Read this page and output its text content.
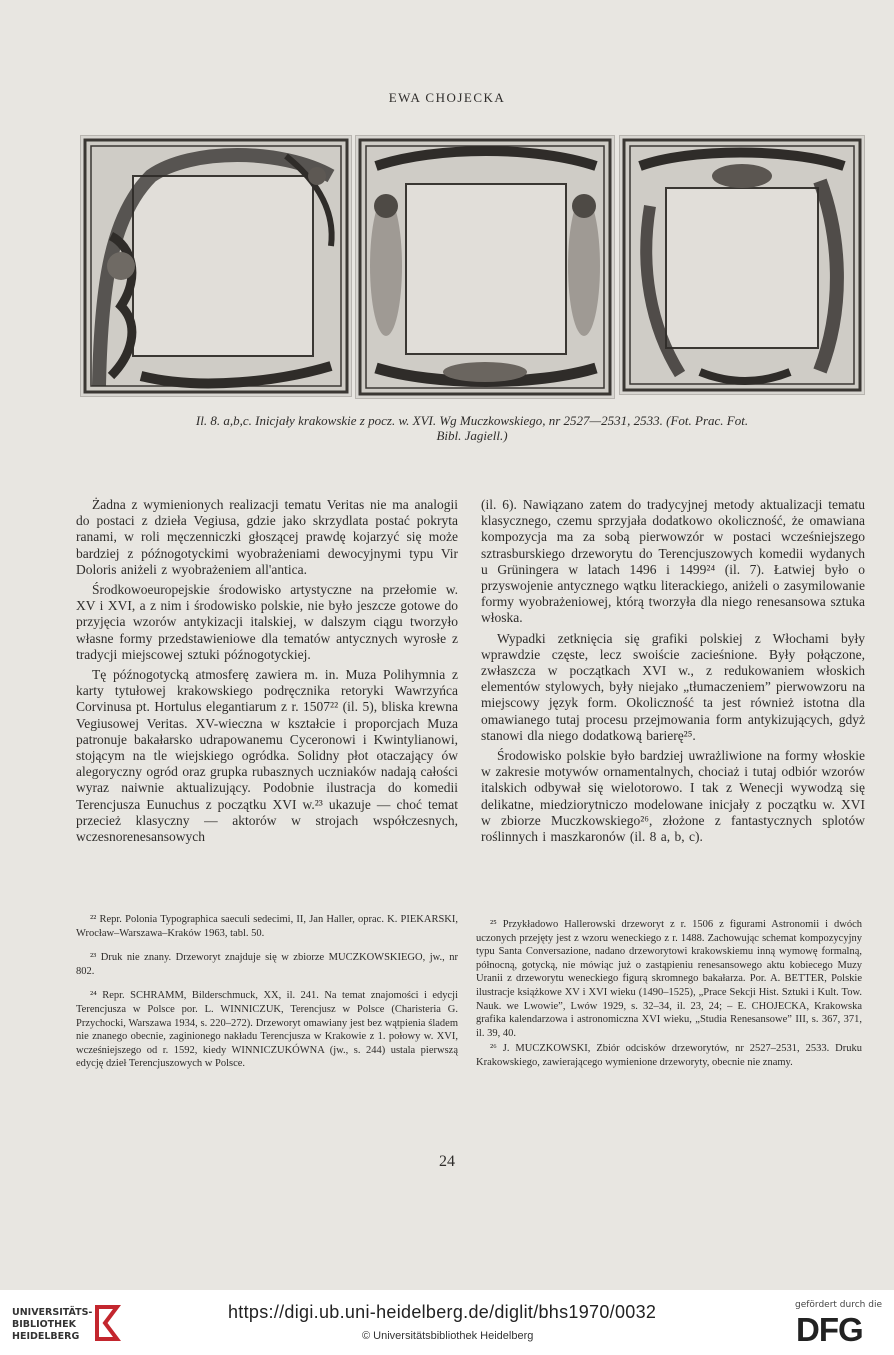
EWA CHOJECKA
Il. 8. a,b,c. Inicjały krakowskie z pocz. w. XVI. Wg Muczkowskiego, nr 2527—2531, 2533. (Fot. Prac. Fot.
Bibl. Jagiell.)

Żadna z wymienionych realizacji tematu Veritas nie ma analogii do postaci z dzieła Vegiusa, gdzie jako skrzydlata postać pokryta ranami, w roli męczenniczki głoszącej prawdę kojarzyć się może bardziej z późnogotyckimi wyobrażeniami dewocyjnymi typu Vir Doloris aniżeli z wyobrażeniem all'antica.

Środkowoeuropejskie środowisko artystyczne na przełomie w. XV i XVI, a z nim i środowisko polskie, nie było jeszcze gotowe do przyjęcia wzorów antykizacji italskiej, w dalszym ciągu tworzyło własne formy przedstawieniowe dla tematów antycznych wyrosłe z tradycji miejscowej sztuki późnogotyckiej.

Tę późnogotycką atmosferę zawiera m. in. Muza Polihymnia z karty tytułowej krakowskiego podręcznika retoryki Wawrzyńca Corvinusa pt. Hortulus elegantiarum z r. 1507²² (il. 5), bliska krewna Vegiusowej Veritas. XV-wieczna w kształcie i proporcjach Muza patronuje bakałarsko udrapowanemu Cyceronowi i Kwintylianowi, stojącym na tle wiejskiego ogródka. Solidny płot otaczający ów alegoryczny ogród oraz grupka rubasznych uczniaków nadają całości wyraz naiwnie aktualizujący. Podobnie ilustracja do komedii Terencjusza Eunuchus z początku XVI w.²³ ukazuje — choć temat przecież klasyczny — aktorów w strojach współczesnych, wczesnorenesansowych

(il. 6). Nawiązano zatem do tradycyjnej metody aktualizacji tematu klasycznego, czemu sprzyjała dodatkowo okoliczność, że omawiana kompozycja ma za sobą pierwowzór w postaci wcześniejszego sztrasburskiego drzeworytu do Terencjuszowych komedii wydanych u Grüningera w latach 1496 i 1499²⁴ (il. 7). Łatwiej było o przyswojenie antycznego wątku literackiego, aniżeli o zasymilowanie formy wyobrażeniowej, którą tworzyła dla niego renesansowa sztuka włoska.

Wypadki zetknięcia się grafiki polskiej z Włochami były wprawdzie częste, lecz swoiście zacieśnione. Były połączone, zwłaszcza w początkach XVI w., z redukowaniem włoskich elementów stylowych, były niejako „tłumaczeniem” pierwowzoru na miejscowy język form. Okoliczność ta jest również istotna dla omawianego tutaj procesu przejmowania form antykizujących, gdyż stanowi dla niego dodatkową barierę²⁵.

Środowisko polskie było bardziej uwrażliwione na formy włoskie w zakresie motywów ornamentalnych, chociaż i tutaj odbiór wzorów italskich odbywał się wielotorowo. I tak z Wenecji wywodzą się delikatne, miedziorytniczo modelowane inicjały z początku w. XVI w zbiorze Muczkowskiego²⁶, złożone z fantastycznych splotów roślinnych i maszkaronów (il. 8 a, b, c).

²² Repr. Polonia Typographica saeculi sedecimi, II, Jan Haller, oprac. K. PIEKARSKI, Wrocław–Warszawa–Kraków 1963, tabl. 50.

²³ Druk nie znany. Drzeworyt znajduje się w zbiorze MUCZKOWSKIEGO, jw., nr 802.

²⁴ Repr. SCHRAMM, Bilderschmuck, XX, il. 241. Na temat znajomości i edycji Terencjusza w Polsce por. L. WINNICZUK, Terencjusz w Polsce (Charisteria G. Przychocki, Warszawa 1934, s. 220–272). Drzeworyt omawiany jest bez wątpienia śladem nie znanego obecnie, zaginionego nakładu Terencjusza w Krakowie z 1. połowy w. XVI, wcześniejszego od r. 1592, kiedy WINNICZUKÓWNA (jw., s. 244) ustala pierwszą edycję dzieł Terencjuszowych w Polsce.

²⁵ Przykładowo Hallerowski drzeworyt z r. 1506 z figurami Astronomii i dwóch uczonych przejęty jest z wzoru weneckiego z r. 1488. Zachowując schemat kompozycyjny typu Santa Conversazione, nadano drzeworytowi krakowskiemu inną wymowę formalną, północną, gotycką, nie mówiąc już o zastąpieniu renesansowego aktu kobiecego Muzy Uranii z drzeworytu weneckiego figurą skromnego bakałarza. Por. A. BETTER, Polskie ilustracje książkowe XV i XVI wieku (1490–1525), „Prace Sekcji Hist. Sztuki i Kult. Tow. Nauk. we Lwowie”, Lwów 1929, s. 32–34, il. 23, 24; – E. CHOJECKA, Krakowska grafika kalendarzowa i astronomiczna XVI wieku, „Studia Renesansowe” III, s. 367, 371, il. 39, 40.

²⁶ J. MUCZKOWSKI, Zbiór odcisków drzeworytów, nr 2527–2531, 2533. Druku Krakowskiego, zawierającego wymienione drzeworyty, obecnie nie znamy.

24
UNIVERSITÄTS-
BIBLIOTHEK
HEIDELBERG
https://digi.ub.uni-heidelberg.de/diglit/bhs1970/0032
© Universitätsbibliothek Heidelberg
gefördert durch die
DFG
